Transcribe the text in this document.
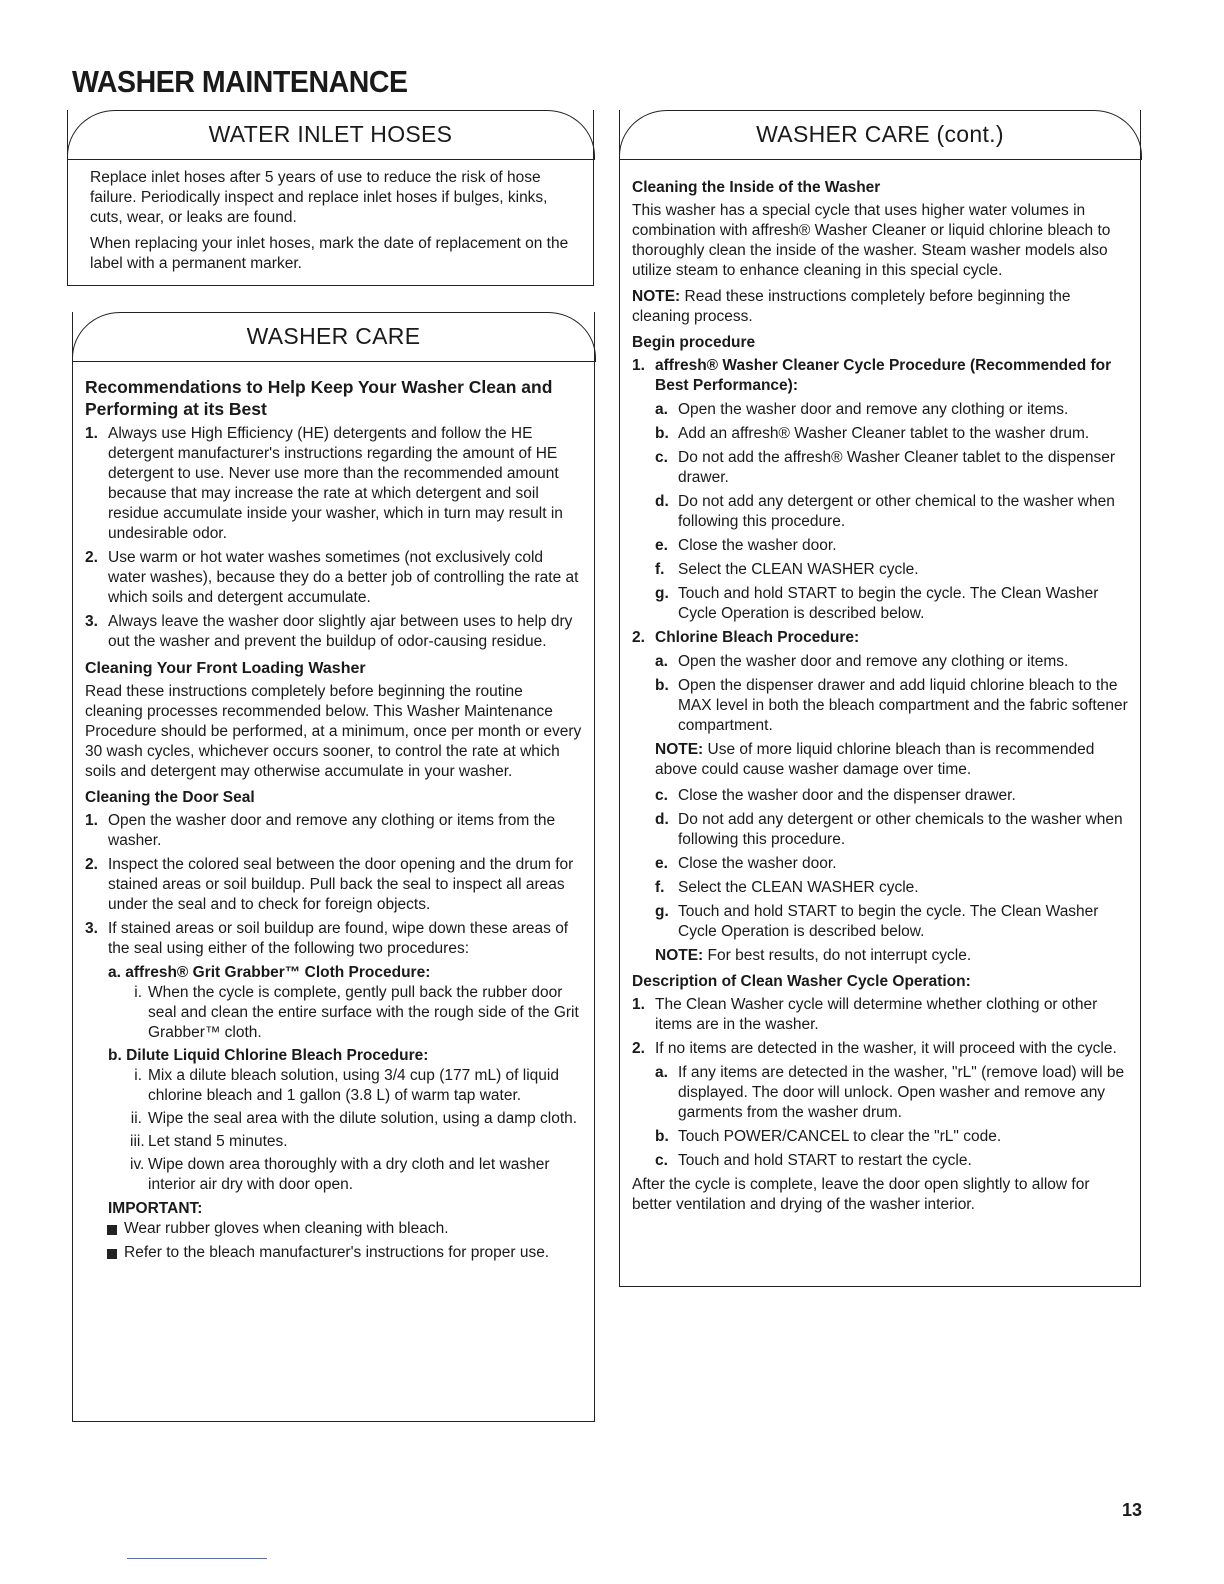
WASHER MAINTENANCE
WATER INLET HOSES

Replace inlet hoses after 5 years of use to reduce the risk of hose failure. Periodically inspect and replace inlet hoses if bulges, kinks, cuts, wear, or leaks are found.

When replacing your inlet hoses, mark the date of replacement on the label with a permanent marker.

WASHER CARE
Recommendations to Help Keep Your Washer Clean and Performing at its Best
1. Always use High Efficiency (HE) detergents and follow the HE detergent manufacturer's instructions regarding the amount of HE detergent to use. Never use more than the recommended amount because that may increase the rate at which detergent and soil residue accumulate inside your washer, which in turn may result in undesirable odor.
2. Use warm or hot water washes sometimes (not exclusively cold water washes), because they do a better job of controlling the rate at which soils and detergent accumulate.
3. Always leave the washer door slightly ajar between uses to help dry out the washer and prevent the buildup of odor-causing residue.
Cleaning Your Front Loading Washer

Read these instructions completely before beginning the routine cleaning processes recommended below. This Washer Maintenance Procedure should be performed, at a minimum, once per month or every 30 wash cycles, whichever occurs sooner, to control the rate at which soils and detergent may otherwise accumulate in your washer.

Cleaning the Door Seal
1. Open the washer door and remove any clothing or items from the washer.
2. Inspect the colored seal between the door opening and the drum for stained areas or soil buildup. Pull back the seal to inspect all areas under the seal and to check for foreign objects.
3. If stained areas or soil buildup are found, wipe down these areas of the seal using either of the following two procedures:
a. affresh® Grit Grabber™ Cloth Procedure:
i. When the cycle is complete, gently pull back the rubber door seal and clean the entire surface with the rough side of the Grit Grabber™ cloth.
b. Dilute Liquid Chlorine Bleach Procedure:
i. Mix a dilute bleach solution, using 3/4 cup (177 mL) of liquid chlorine bleach and 1 gallon (3.8 L) of warm tap water.
ii. Wipe the seal area with the dilute solution, using a damp cloth.
iii. Let stand 5 minutes.
iv. Wipe down area thoroughly with a dry cloth and let washer interior air dry with door open.
IMPORTANT:
Wear rubber gloves when cleaning with bleach.
Refer to the bleach manufacturer's instructions for proper use.
WASHER CARE (cont.)
Cleaning the Inside of the Washer

This washer has a special cycle that uses higher water volumes in combination with affresh® Washer Cleaner or liquid chlorine bleach to thoroughly clean the inside of the washer. Steam washer models also utilize steam to enhance cleaning in this special cycle.

NOTE: Read these instructions completely before beginning the cleaning process.

Begin procedure
1. affresh® Washer Cleaner Cycle Procedure (Recommended for Best Performance):
a. Open the washer door and remove any clothing or items.
b. Add an affresh® Washer Cleaner tablet to the washer drum.
c. Do not add the affresh® Washer Cleaner tablet to the dispenser drawer.
d. Do not add any detergent or other chemical to the washer when following this procedure.
e. Close the washer door.
f. Select the CLEAN WASHER cycle.
g. Touch and hold START to begin the cycle. The Clean Washer Cycle Operation is described below.
2. Chlorine Bleach Procedure:
a. Open the washer door and remove any clothing or items.
b. Open the dispenser drawer and add liquid chlorine bleach to the MAX level in both the bleach compartment and the fabric softener compartment.

NOTE: Use of more liquid chlorine bleach than is recommended above could cause washer damage over time.

c. Close the washer door and the dispenser drawer.
d. Do not add any detergent or other chemicals to the washer when following this procedure.
e. Close the washer door.
f. Select the CLEAN WASHER cycle.
g. Touch and hold START to begin the cycle. The Clean Washer Cycle Operation is described below.

NOTE: For best results, do not interrupt cycle.

Description of Clean Washer Cycle Operation:
1. The Clean Washer cycle will determine whether clothing or other items are in the washer.
2. If no items are detected in the washer, it will proceed with the cycle.
a. If any items are detected in the washer, "rL" (remove load) will be displayed. The door will unlock. Open washer and remove any garments from the washer drum.
b. Touch POWER/CANCEL to clear the "rL" code.
c. Touch and hold START to restart the cycle.

After the cycle is complete, leave the door open slightly to allow for better ventilation and drying of the washer interior.

13
